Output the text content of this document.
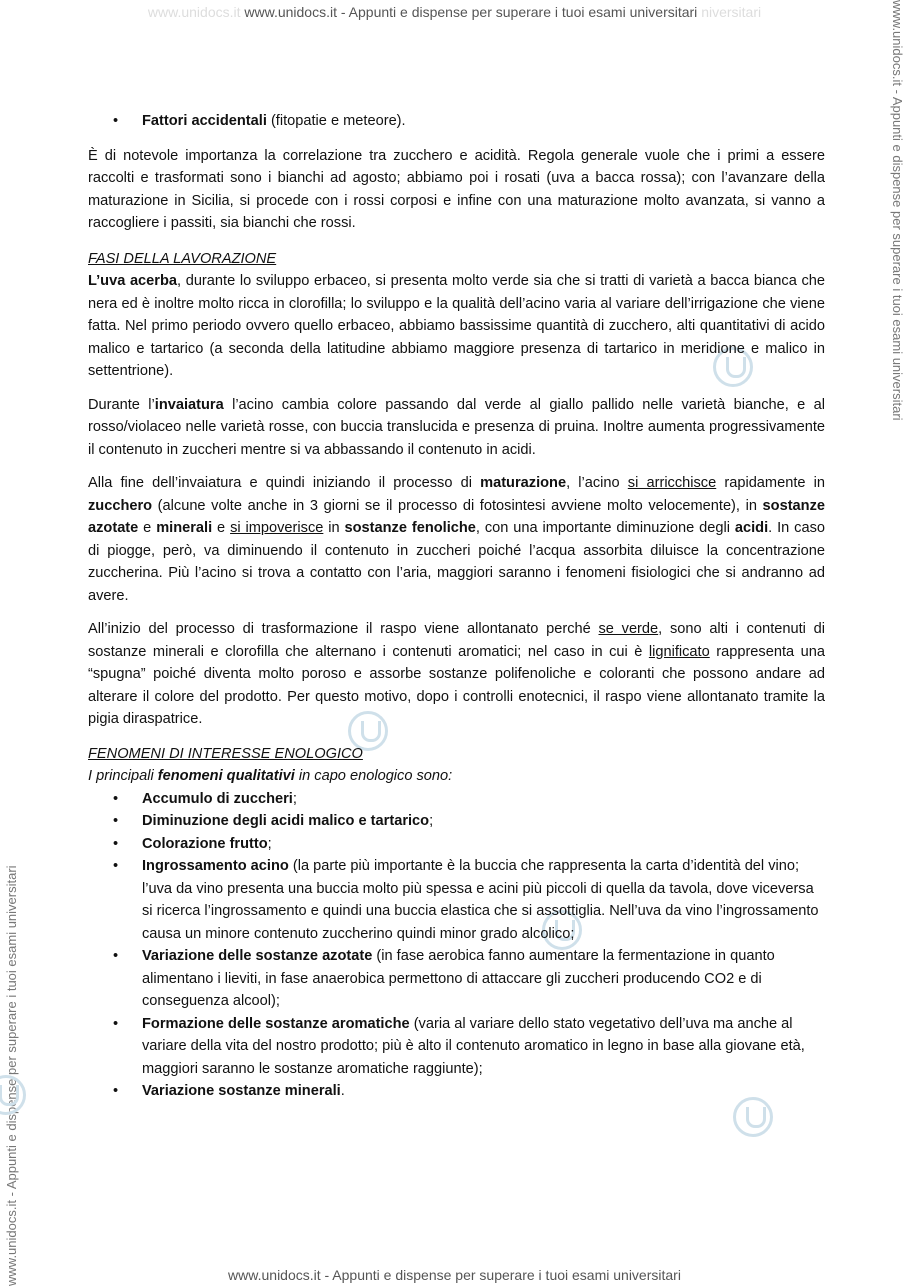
www.unidocs.it www.unidocs.it - Appunti e dispense per superare i tuoi esami universitari niversitari
www.unidocs.it - Appunti e dispense per superare i tuoi esami universitari
www.unidocs.it - Appunti e dispense per superare i tuoi esami universitari
www.unidocs.it - Appunti e dispense per superare i tuoi esami universitari
• Fattori accidentali (fitopatie e meteore).

È di notevole importanza la correlazione tra zucchero e acidità. Regola generale vuole che i primi a essere raccolti e trasformati sono i bianchi ad agosto; abbiamo poi i rosati (uva a bacca rossa); con l’avanzare della maturazione in Sicilia, si procede con i rossi corposi e infine con una maturazione molto avanzata, si vanno a raccogliere i passiti, sia bianchi che rossi.

FASI DELLA LAVORAZIONE

L’uva acerba, durante lo sviluppo erbaceo, si presenta molto verde sia che si tratti di varietà a bacca bianca che nera ed è inoltre molto ricca in clorofilla; lo sviluppo e la qualità dell’acino varia al variare dell’irrigazione che viene fatta. Nel primo periodo ovvero quello erbaceo, abbiamo bassissime quantità di zucchero, alti quantitativi di acido malico e tartarico (a seconda della latitudine abbiamo maggiore presenza di tartarico in meridione e malico in settentrione).

Durante l’invaiatura l’acino cambia colore passando dal verde al giallo pallido nelle varietà bianche, e al rosso/violaceo nelle varietà rosse, con buccia translucida e presenza di pruina. Inoltre aumenta progressivamente il contenuto in zuccheri mentre si va abbassando il contenuto in acidi.

Alla fine dell’invaiatura e quindi iniziando il processo di maturazione, l’acino si arricchisce rapidamente in zucchero (alcune volte anche in 3 giorni se il processo di fotosintesi avviene molto velocemente), in sostanze azotate e minerali e si impoverisce in sostanze fenoliche, con una importante diminuzione degli acidi. In caso di piogge, però, va diminuendo il contenuto in zuccheri poiché l’acqua assorbita diluisce la concentrazione zuccherina. Più l’acino si trova a contatto con l’aria, maggiori saranno i fenomeni fisiologici che si andranno ad avere.

All’inizio del processo di trasformazione il raspo viene allontanato perché se verde, sono alti i contenuti di sostanze minerali e clorofilla che alternano i contenuti aromatici; nel caso in cui è lignificato rappresenta una “spugna” poiché diventa molto poroso e assorbe sostanze polifenoliche e coloranti che possono andare ad alterare il colore del prodotto. Per questo motivo, dopo i controlli enotecnici, il raspo viene allontanato tramite la pigia diraspatrice.

FENOMENI DI INTERESSE ENOLOGICO
I principali fenomeni qualitativi in capo enologico sono:
• Accumulo di zuccheri;
• Diminuzione degli acidi malico e tartarico;
• Colorazione frutto;
• Ingrossamento acino (la parte più importante è la buccia che rappresenta la carta d’identità del vino; l’uva da vino presenta una buccia molto più spessa e acini più piccoli di quella da tavola, dove viceversa si ricerca l’ingrossamento e quindi una buccia elastica che si assottiglia. Nell’uva da vino l’ingrossamento causa un minore contenuto zuccherino quindi minor grado alcolico;
• Variazione delle sostanze azotate (in fase aerobica fanno aumentare la fermentazione in quanto alimentano i lieviti, in fase anaerobica permettono di attaccare gli zuccheri producendo CO2 e di conseguenza alcool);
• Formazione delle sostanze aromatiche (varia al variare dello stato vegetativo dell’uva ma anche al variare della vita del nostro prodotto; più è alto il contenuto aromatico in legno in base alla giovane età, maggiori saranno le sostanze aromatiche raggiunte);
• Variazione sostanze minerali.
